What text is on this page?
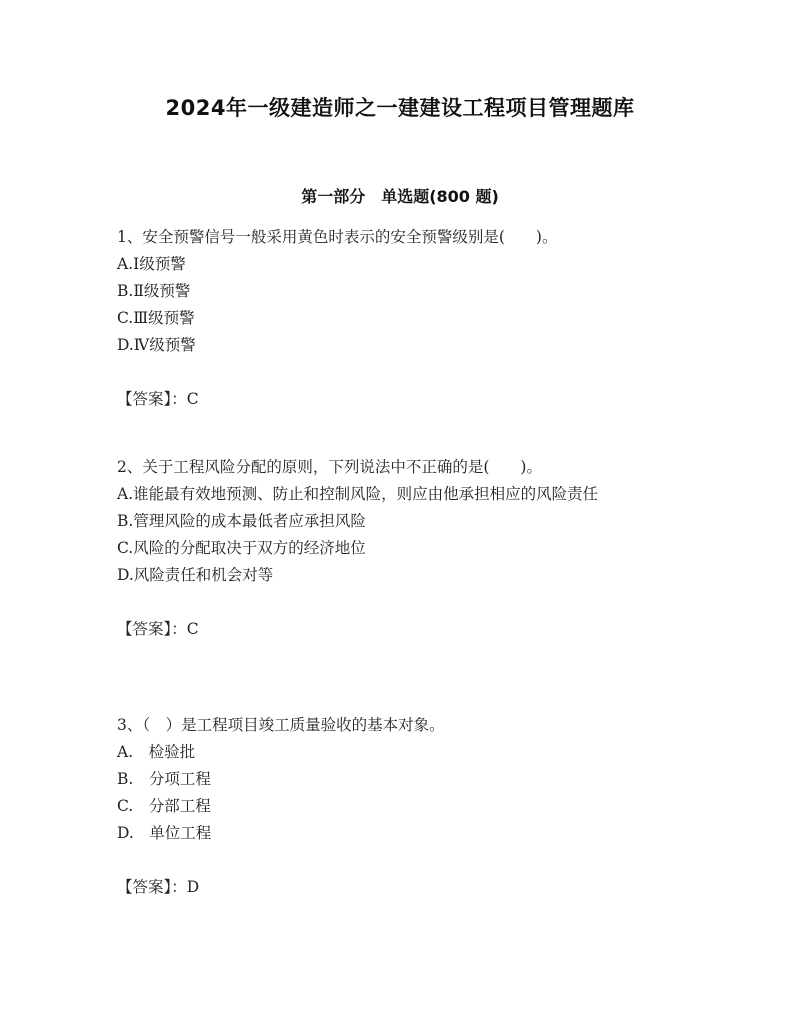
2024年一级建造师之一建建设工程项目管理题库
第一部分　单选题(800 题)

1、安全预警信号一般采用黄色时表示的安全预警级别是(　　)。

A.Ⅰ级预警

B.Ⅱ级预警

C.Ⅲ级预警

D.Ⅳ级预警

【答案】：C

2、关于工程风险分配的原则，下列说法中不正确的是(　　)。

A.谁能最有效地预测、防止和控制风险，则应由他承担相应的风险责任

B.管理风险的成本最低者应承担风险

C.风险的分配取决于双方的经济地位

D.风险责任和机会对等

【答案】：C

3、（　）是工程项目竣工质量验收的基本对象。

A.　检验批

B.　分项工程

C.　分部工程

D.　单位工程

【答案】：D
